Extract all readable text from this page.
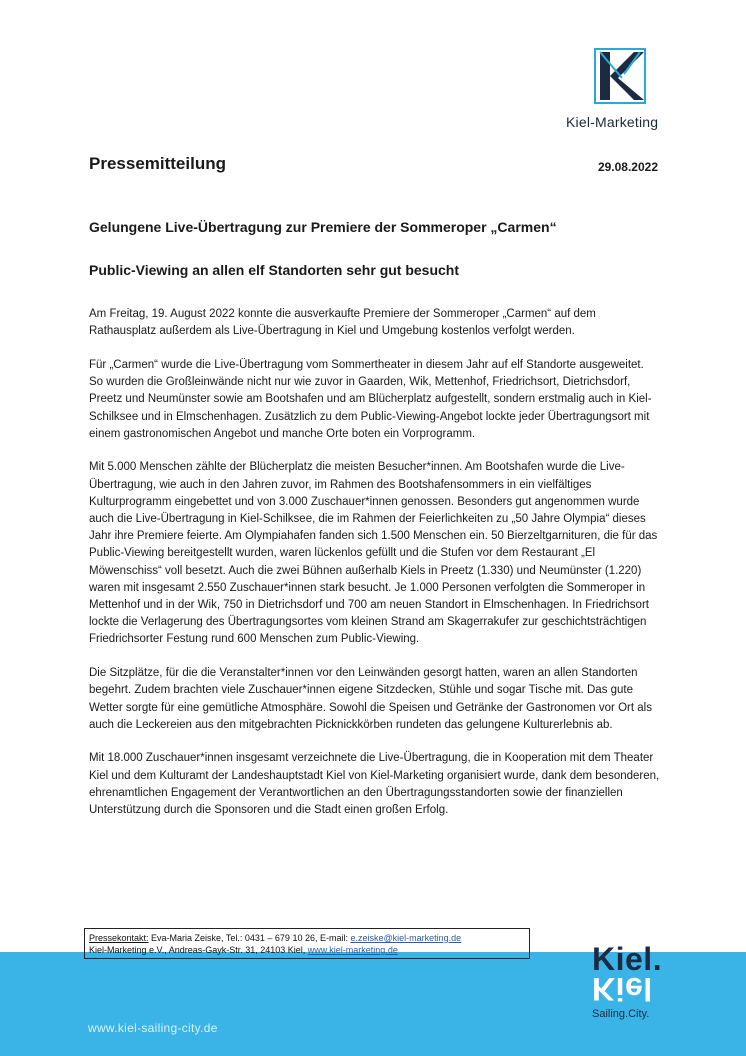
Kiel-Marketing
Pressemitteilung	29.08.2022
Gelungene Live-Übertragung zur Premiere der Sommeroper „Carmen“
Public-Viewing an allen elf Standorten sehr gut besucht

Am Freitag, 19. August 2022 konnte die ausverkaufte Premiere der Sommeroper „Carmen“ auf dem Rathausplatz außerdem als Live-Übertragung in Kiel und Umgebung kostenlos verfolgt werden.

Für „Carmen“ wurde die Live-Übertragung vom Sommertheater in diesem Jahr auf elf Standorte ausgeweitet. So wurden die Großleinwände nicht nur wie zuvor in Gaarden, Wik, Mettenhof, Friedrichsort, Dietrichsdorf, Preetz und Neumünster sowie am Bootshafen und am Blücherplatz aufgestellt, sondern erstmalig auch in Kiel-Schilksee und in Elmschenhagen. Zusätzlich zu dem Public-Viewing-Angebot lockte jeder Übertragungsort mit einem gastronomischen Angebot und manche Orte boten ein Vorprogramm.

Mit 5.000 Menschen zählte der Blücherplatz die meisten Besucher*innen. Am Bootshafen wurde die Live-Übertragung, wie auch in den Jahren zuvor, im Rahmen des Bootshafensommers in ein vielfältiges Kulturprogramm eingebettet und von 3.000 Zuschauer*innen genossen. Besonders gut angenommen wurde auch die Live-Übertragung in Kiel-Schilksee, die im Rahmen der Feierlichkeiten zu „50 Jahre Olympia“ dieses Jahr ihre Premiere feierte. Am Olympiahafen fanden sich 1.500 Menschen ein. 50 Bierzeltgarnituren, die für das Public-Viewing bereitgestellt wurden, waren lückenlos gefüllt und die Stufen vor dem Restaurant „El Möwenschiss“ voll besetzt. Auch die zwei Bühnen außerhalb Kiels in Preetz (1.330) und Neumünster (1.220) waren mit insgesamt 2.550 Zuschauer*innen stark besucht. Je 1.000 Personen verfolgten die Sommeroper in Mettenhof und in der Wik, 750 in Dietrichsdorf und 700 am neuen Standort in Elmschenhagen. In Friedrichsort lockte die Verlagerung des Übertragungsortes vom kleinen Strand am Skagerrakufer zur geschichtsträchtigen Friedrichsorter Festung rund 600 Menschen zum Public-Viewing.

Die Sitzplätze, für die die Veranstalter*innen vor den Leinwänden gesorgt hatten, waren an allen Standorten begehrt. Zudem brachten viele Zuschauer*innen eigene Sitzdecken, Stühle und sogar Tische mit. Das gute Wetter sorgte für eine gemütliche Atmosphäre. Sowohl die Speisen und Getränke der Gastronomen vor Ort als auch die Leckereien aus den mitgebrachten Picknickkörben rundeten das gelungene Kulturerlebnis ab.

Mit 18.000 Zuschauer*innen insgesamt verzeichnete die Live-Übertragung, die in Kooperation mit dem Theater Kiel und dem Kulturamt der Landeshauptstadt Kiel von Kiel-Marketing organisiert wurde, dank dem besonderen, ehrenamtlichen Engagement der Verantwortlichen an den Übertragungsstandorten sowie der finanziellen Unterstützung durch die Sponsoren und die Stadt einen großen Erfolg.

www.kiel-sailing-city.de
Pressekontakt: Eva-Maria Zeiske, Tel.: 0431 – 679 10 26, E-mail: e.zeiske@kiel-marketing.de
Kiel-Marketing e.V., Andreas-Gayk-Str. 31, 24103 Kiel, www.kiel-marketing.de	Kiel.
Kiel
Sailing.City.
